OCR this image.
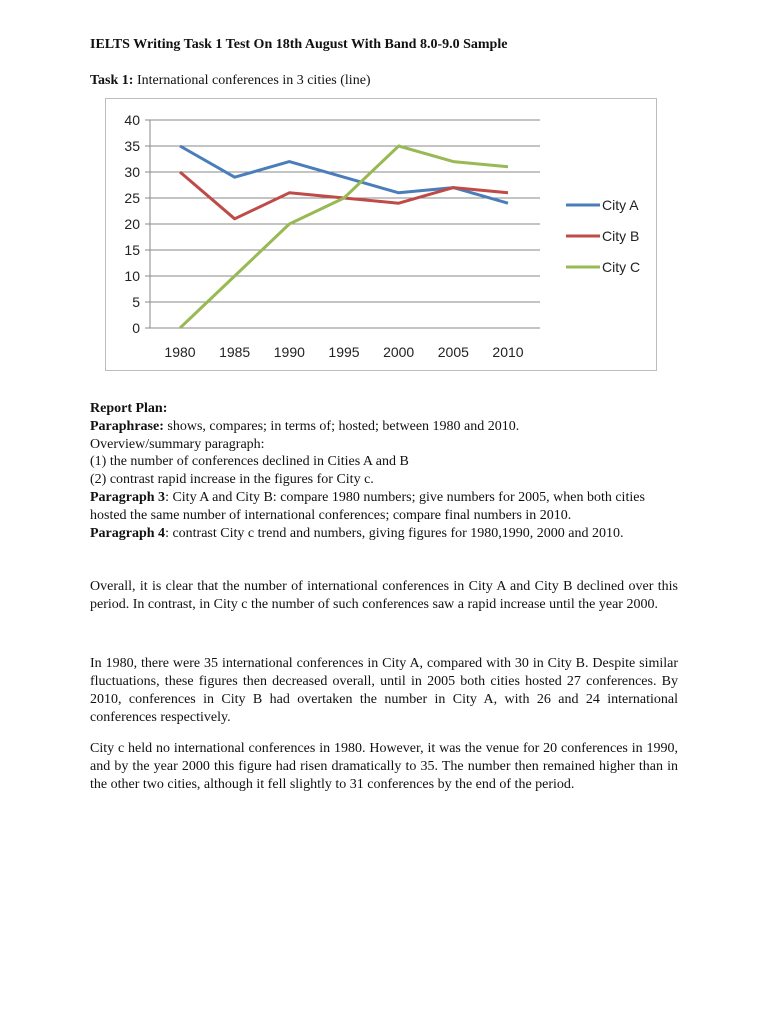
IELTS Writing Task 1 Test On 18th August With Band 8.0-9.0 Sample
Task 1: International conferences in 3 cities (line)
0
5
10
15
20
25
30
35
40
1980 1985 1990 1995 2000 2005 2010
City A
City B
City C

Report Plan:

Paraphrase: shows, compares; in terms of; hosted; between 1980 and 2010.

Overview/summary paragraph:

(1) the number of conferences declined in Cities A and B

(2) contrast rapid increase in the figures for City c.

Paragraph 3: City A and City B: compare 1980 numbers; give numbers for 2005, when both cities hosted the same number of international conferences; compare final numbers in 2010.

Paragraph 4: contrast City c trend and numbers, giving figures for 1980,1990, 2000 and 2010.

Overall, it is clear that the number of international conferences in City A and City B declined over this period. In contrast, in City c the number of such conferences saw a rapid increase until the year 2000.

In 1980, there were 35 international conferences in City A, compared with 30 in City B. Despite similar fluctuations, these figures then decreased overall, until in 2005 both cities hosted 27 conferences. By 2010, conferences in City B had overtaken the number in City A, with 26 and 24 international conferences respectively.

City c held no international conferences in 1980. However, it was the venue for 20 conferences in 1990, and by the year 2000 this figure had risen dramatically to 35. The number then remained higher than in the other two cities, although it fell slightly to 31 conferences by the end of the period.
